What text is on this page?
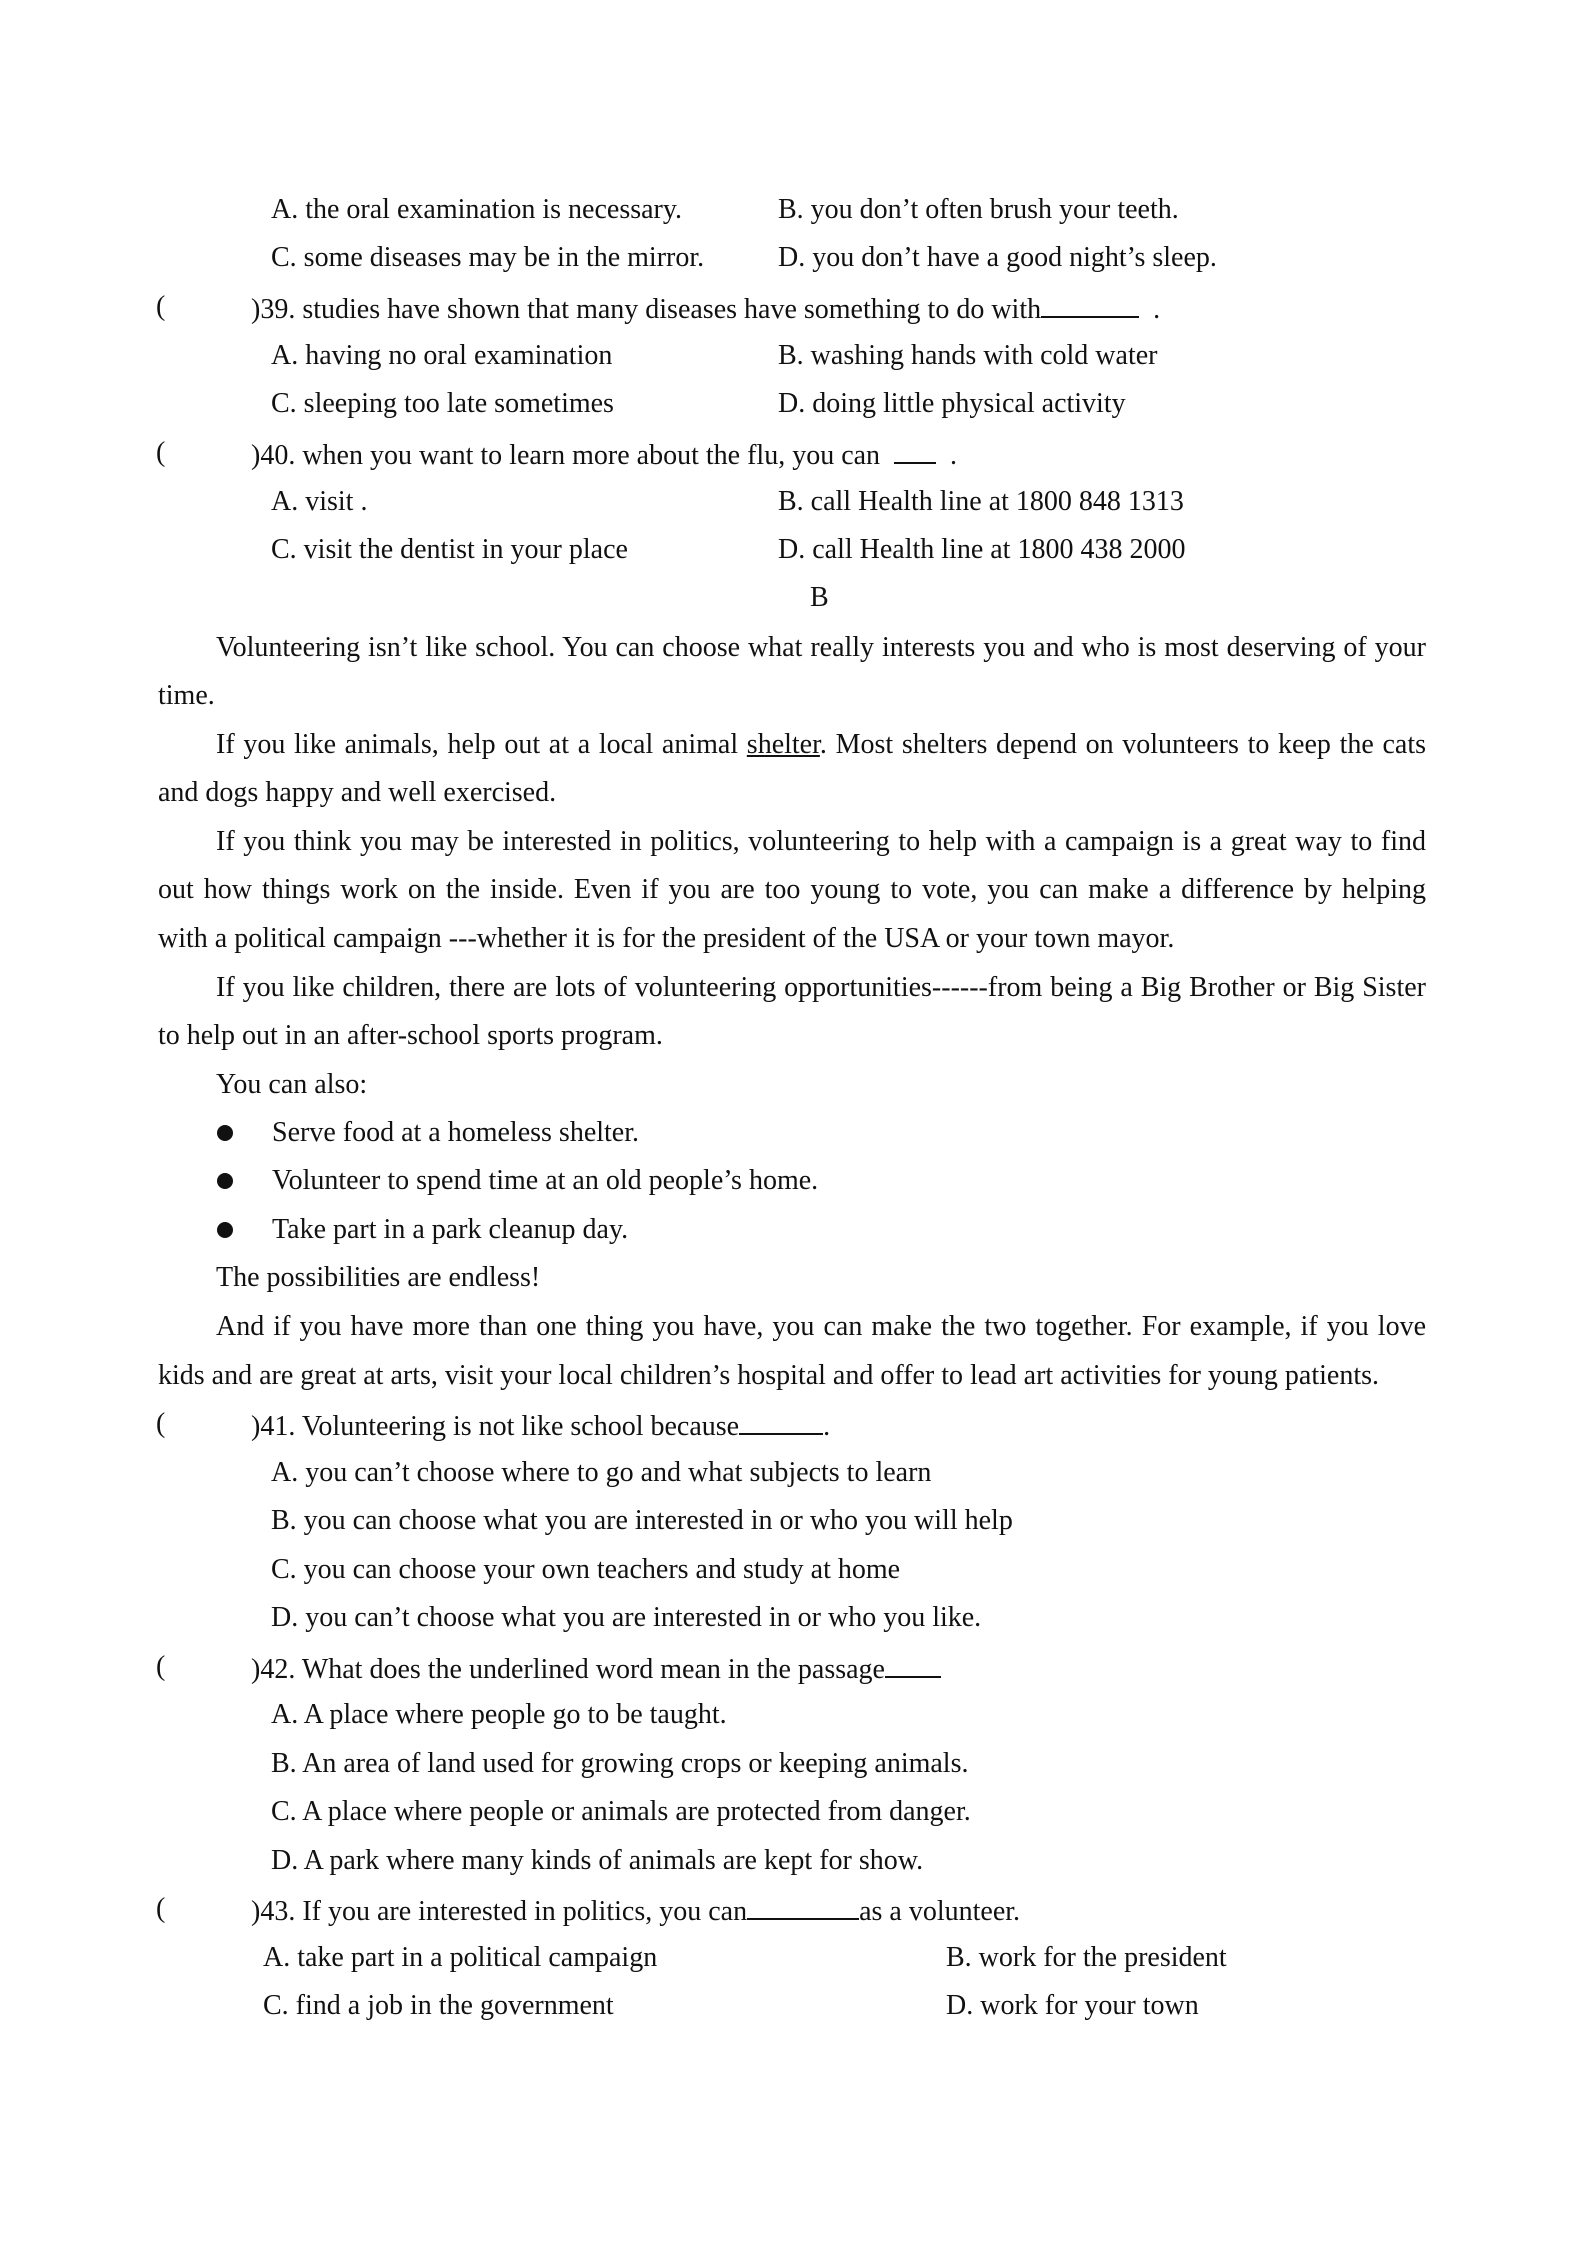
A. the oral examination is necessary.	B. you don’t often brush your teeth.
C. some diseases may be in the mirror.	D. you don’t have a good night’s sleep.
(	)39. studies have shown that many diseases have something to do with	.
A. having no oral examination	B. washing hands with cold water
C. sleeping too late sometimes	D. doing little physical activity
(	)40. when you want to learn more about the flu, you can	.
A. visit .	B. call Health line at 1800 848 1313
C. visit the dentist in your place	D. call Health line at 1800 438 2000
B
Volunteering isn’t like school. You can choose what really interests you and who is most deserving of your
time.
If you like animals, help out at a local animal shelter. Most shelters depend on volunteers to keep the cats
and dogs happy and well exercised.
If you think you may be interested in politics, volunteering to help with a campaign is a great way to find
out how things work on the inside. Even if you are too young to vote, you can make a difference by helping
with a political campaign ---whether it is for the president of the USA or your town mayor.
If you like children, there are lots of volunteering opportunities------from being a Big Brother or Big Sister
to help out in an after-school sports program.
You can also:
Serve food at a homeless shelter.
Volunteer to spend time at an old people’s home.
Take part in a park cleanup day.
The possibilities are endless!
And if you have more than one thing you have, you can make the two together. For example, if you love
kids and are great at arts, visit your local children’s hospital and offer to lead art activities for young patients.
(	)41. Volunteering is not like school because	.
A. you can’t choose where to go and what subjects to learn
B. you can choose what you are interested in or who you will help
C. you can choose your own teachers and study at home
D. you can’t choose what you are interested in or who you like.
(	)42. What does the underlined word mean in the passage
A. A place where people go to be taught.
B. An area of land used for growing crops or keeping animals.
C. A place where people or animals are protected from danger.
D. A park where many kinds of animals are kept for show.
(	)43. If you are interested in politics, you can	as a volunteer.
A. take part in a political campaign	B. work for the president
C. find a job in the government	D. work for your town
